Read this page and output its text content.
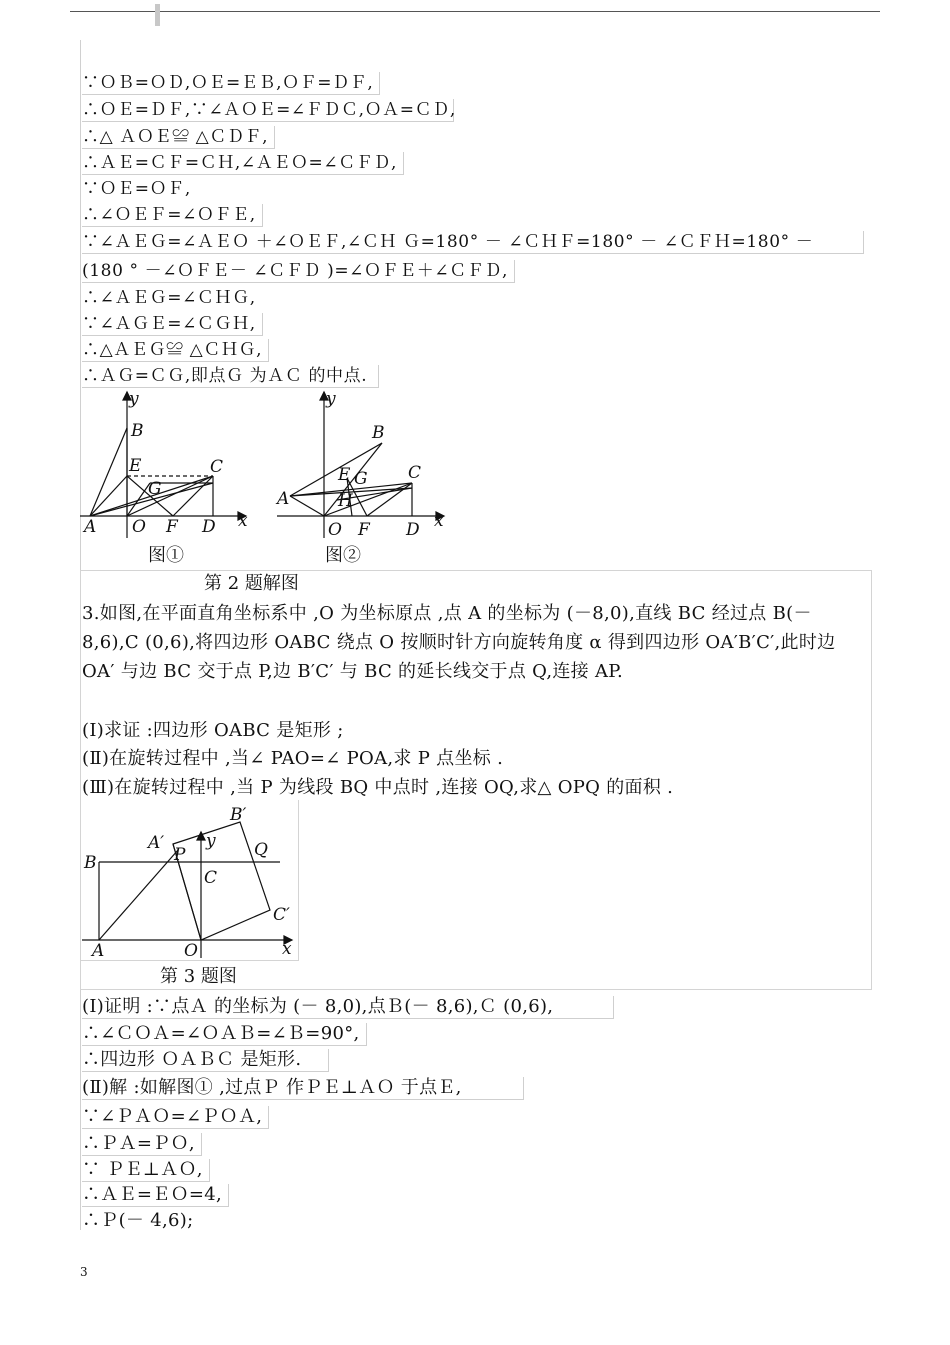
∵ＯＢ=ＯＤ,ＯＥ=ＥＢ,ＯＦ=ＤＦ,
∴ＯＥ=ＤＦ,∵∠ＡＯＥ=∠ＦＤＣ,ＯＡ=ＣＤ,
∴△ ＡＯＥ≌ △ＣＤＦ,
∴ＡＥ=ＣＦ=ＣＨ,∠ＡＥＯ=∠ＣＦＤ,
∵ＯＥ=ＯＦ,
∴∠ＯＥＦ=∠ＯＦＥ,
∵∠ＡＥＧ=∠ＡＥＯ ＋∠ＯＥＦ,∠ＣＨ Ｇ=180° － ∠ＣＨＦ=180° － ∠ＣＦＨ=180° －
(180 ° －∠ＯＦＥ－ ∠ＣＦＤ )=∠ＯＦＥ＋∠ＣＦＤ,
∴∠ＡＥＧ=∠ＣＨＧ,
∵∠ＡＧＥ=∠ＣＧＨ,
∴△ＡＥＧ≌ △ＣＨＧ,
∴ＡＧ=ＣＧ,即点Ｇ 为ＡＣ 的中点.
y
x
B
E	C
G
A O F D
图①
y
x
B
E G
H
C
A
O F D
图②
第 2 题解图
3.如图,在平面直角坐标系中 ,O 为坐标原点 ,点 A 的坐标为 (－8,0),直线 BC 经过点 B(－8,6),C (0,6),将四边形 OABC 绕点 O 按顺时针方向旋转角度 α 得到四边形 OA′B′C′,此时边 OA′ 与边 BC 交于点 P,边 B′C′ 与 BC 的延长线交于点 Q,连接 AP.
(Ⅰ)求证 :四边形 OABC 是矩形 ;
(Ⅱ)在旋转过程中 ,当∠ PAO=∠ POA,求 P 点坐标 .
(Ⅲ)在旋转过程中 ,当 P 为线段 BQ 中点时 ,连接 OQ,求△ OPQ 的面积 .
B′
A′
P
y Q
B
C
C′
A	O	x
第 3 题图
(Ⅰ)证明 :∵点Ａ 的坐标为 (－ 8,0),点Ｂ(－ 8,6),Ｃ (0,6),
∴∠ＣＯＡ=∠ＯＡＢ=∠Ｂ=90°,
∴四边形 ＯＡＢＣ 是矩形.
(Ⅱ)解 :如解图① ,过点Ｐ 作ＰＥ⊥ＡＯ 于点Ｅ,
∵∠ＰＡＯ=∠ＰＯＡ,
∴ＰＡ=ＰＯ,
∵ ＰＥ⊥ＡＯ,
∴ＡＥ=ＥＯ=4,
∴Ｐ(－ 4,6);
3
